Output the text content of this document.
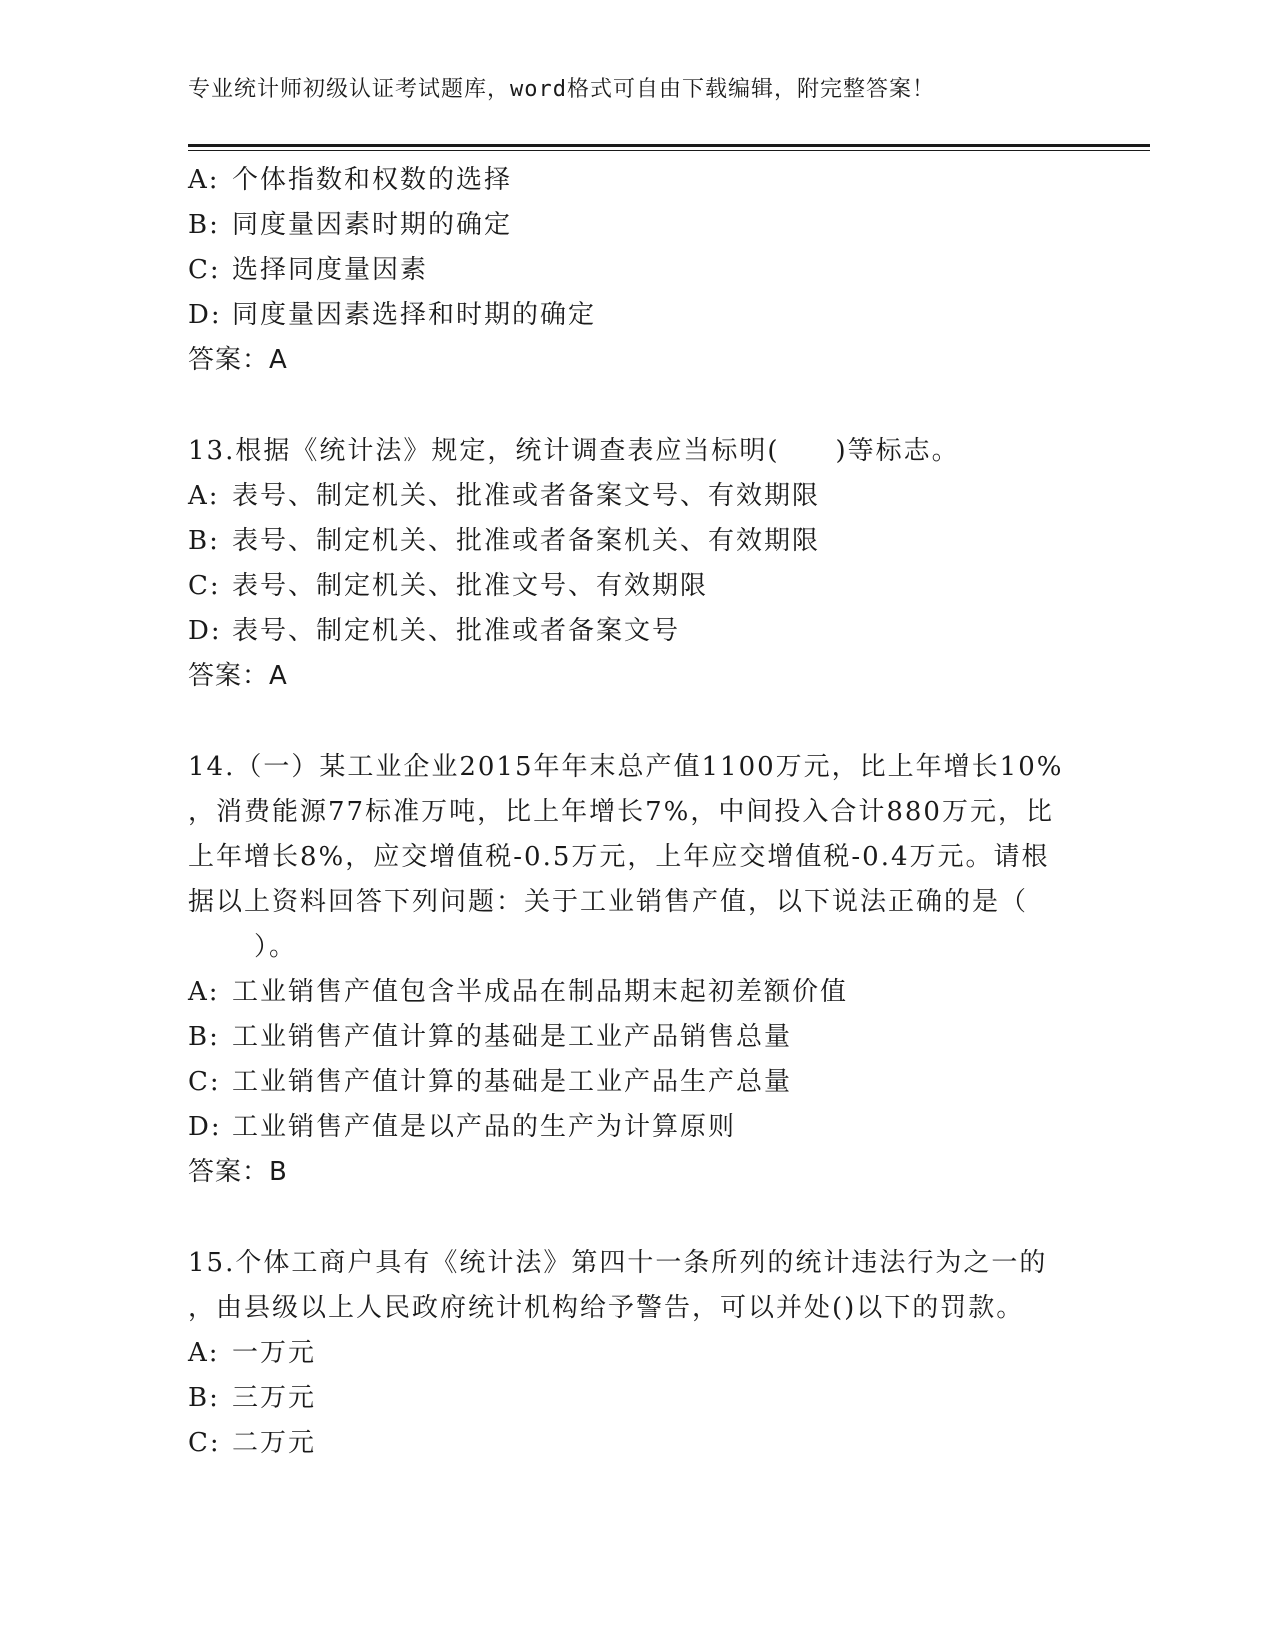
专业统计师初级认证考试题库，word格式可自由下载编辑，附完整答案！
A: 个体指数和权数的选择
B: 同度量因素时期的确定
C: 选择同度量因素
D: 同度量因素选择和时期的确定
答案：A
13.根据《统计法》规定，统计调查表应当标明(　　)等标志。
A: 表号、制定机关、批准或者备案文号、有效期限
B: 表号、制定机关、批准或者备案机关、有效期限
C: 表号、制定机关、批准文号、有效期限
D: 表号、制定机关、批准或者备案文号
答案：A
14.（一）某工业企业2015年年末总产值1100万元，比上年增长10%
，消费能源77标准万吨，比上年增长7%，中间投入合计880万元，比
上年增长8%，应交增值税-0.5万元，上年应交增值税-0.4万元。请根
据以上资料回答下列问题：关于工业销售产值，以下说法正确的是（
）。
A: 工业销售产值包含半成品在制品期末起初差额价值
B: 工业销售产值计算的基础是工业产品销售总量
C: 工业销售产值计算的基础是工业产品生产总量
D: 工业销售产值是以产品的生产为计算原则
答案：B
15.个体工商户具有《统计法》第四十一条所列的统计违法行为之一的
，由县级以上人民政府统计机构给予警告，可以并处()以下的罚款。
A: 一万元
B: 三万元
C: 二万元
